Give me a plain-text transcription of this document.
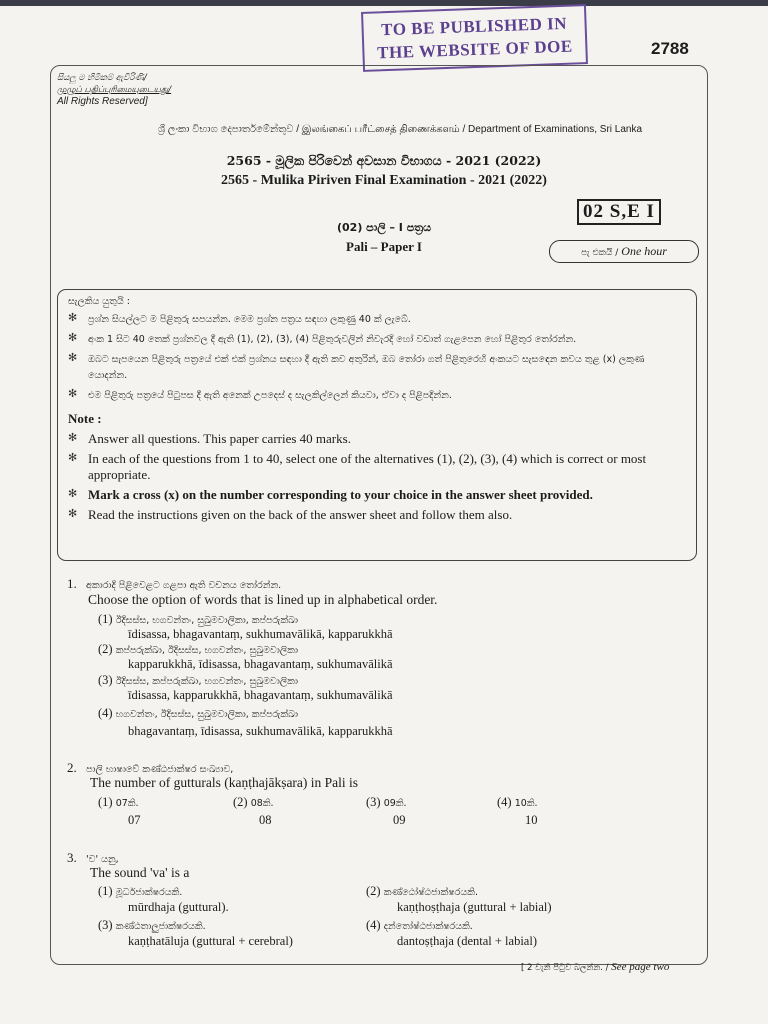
TO BE PUBLISHED IN
THE WEBSITE OF DOE	2788
සියලු ම හිමිකම් ඇවිරිණි/
முழுப் பதிப்புரிமையுடையது/
All Rights Reserved]
ශ්‍රී ලංකා විභාග දෙපාර්තමේන්තුව / இலங்கைப் பரீட்சைத் திணைக்களம் / Department of Examinations, Sri Lanka
2565 - මූලික පිරිවෙන් අවසාන විභාගය - 2021 (2022)
2565 - Mulika Piriven Final Examination - 2021 (2022)
02 S,E I
(02) පාලි – I පත්‍රය
Pali – Paper I	පැ එකයි / One hour
සැලකිය යුතුයි :
✻ ප්‍රශ්න සියල්ලට ම පිළිතුරු සපයන්න. මෙම ප්‍රශ්න පත්‍රය සඳහා ලකුණු 40 ක් ලැබේ.
✻ අංක 1 සිට 40 තෙක් ප්‍රශ්නවල දී ඇති (1), (2), (3), (4) පිළිතුරුවලින් නිවැරදි හෝ වඩාත් ගැළපෙන හෝ පිළිතුර තෝරන්න.
✻ ඔබට සැපයෙන පිළිතුරු පත්‍රයේ එක් එක් ප්‍රශ්නය සඳහා දී ඇති කව අතුරින්, ඔබ තෝරා ගත් පිළිතුරෙහි අංකයට සැසඳෙන කවය තුළ (x) ලකුණ යොදන්න.
✻ එම පිළිතුරු පත්‍රයේ පිටුපස දී ඇති අනෙක් උපදෙස් ද සැලකිල්ලෙන් කියවා, ඒවා ද පිළිපදින්න.
Note :
✻ Answer all questions. This paper carries 40 marks.
✻ In each of the questions from 1 to 40, select one of the alternatives (1), (2), (3), (4) which is correct or most appropriate.
✻ Mark a cross (x) on the number corresponding to your choice in the answer sheet provided.
✻ Read the instructions given on the back of the answer sheet and follow them also.
1. අකාරාදි පිළිවෙළට ගළපා ඇති වචනය තෝරන්න.
Choose the option of words that is lined up in alphabetical order.
(1) ඊදිසස්ස, භගවන්තං, සුඛුමවාලිකා, කප්පරුක්ඛා
īdisassa, bhagavantaṃ, sukhumavālikā, kapparukkhā
(2) කප්පරුක්ඛා, ඊදිසස්ස, භගවන්තං, සුඛුමවාලිකා
kapparukkhā, īdisassa, bhagavantaṃ, sukhumavālikā
(3) ඊදිසස්ස, කප්පරුක්ඛා, භගවන්තං, සුඛුමවාලිකා
īdisassa, kapparukkhā, bhagavantaṃ, sukhumavālikā
(4) භගවන්තං, ඊදිසස්ස, සුඛුමවාලිකා, කප්පරුක්ඛා
bhagavantaṃ, īdisassa, sukhumavālikā, kapparukkhā
2. පාලි භාෂාවේ කණ්ඨජාක්ෂර සංඛ්‍යාව,
The number of gutturals (kaṇṭhajākṣara) in Pali is
(1) 07කි.
07
(2) 08කි.
08
(3) 09කි.
09
(4) 10කි.
10
3. 'ව' යනු,
The sound 'va' is a
(1) මූර්ධජාක්ෂරයකි.
mūrdhaja (guttural).
(2) කණ්ඨෝෂ්ඨජාක්ෂරයකි.
kaṇṭhoṣṭhaja (guttural + labial)
(3) කණ්ඨතාලුජාක්ෂරයකි.
kaṇṭhatāluja (guttural + cerebral)
(4) දන්තෝෂ්ඨජාක්ෂරයකි.
dantoṣṭhaja (dental + labial)
[ 2 වැනි පිටුව බලන්න. / See page two
